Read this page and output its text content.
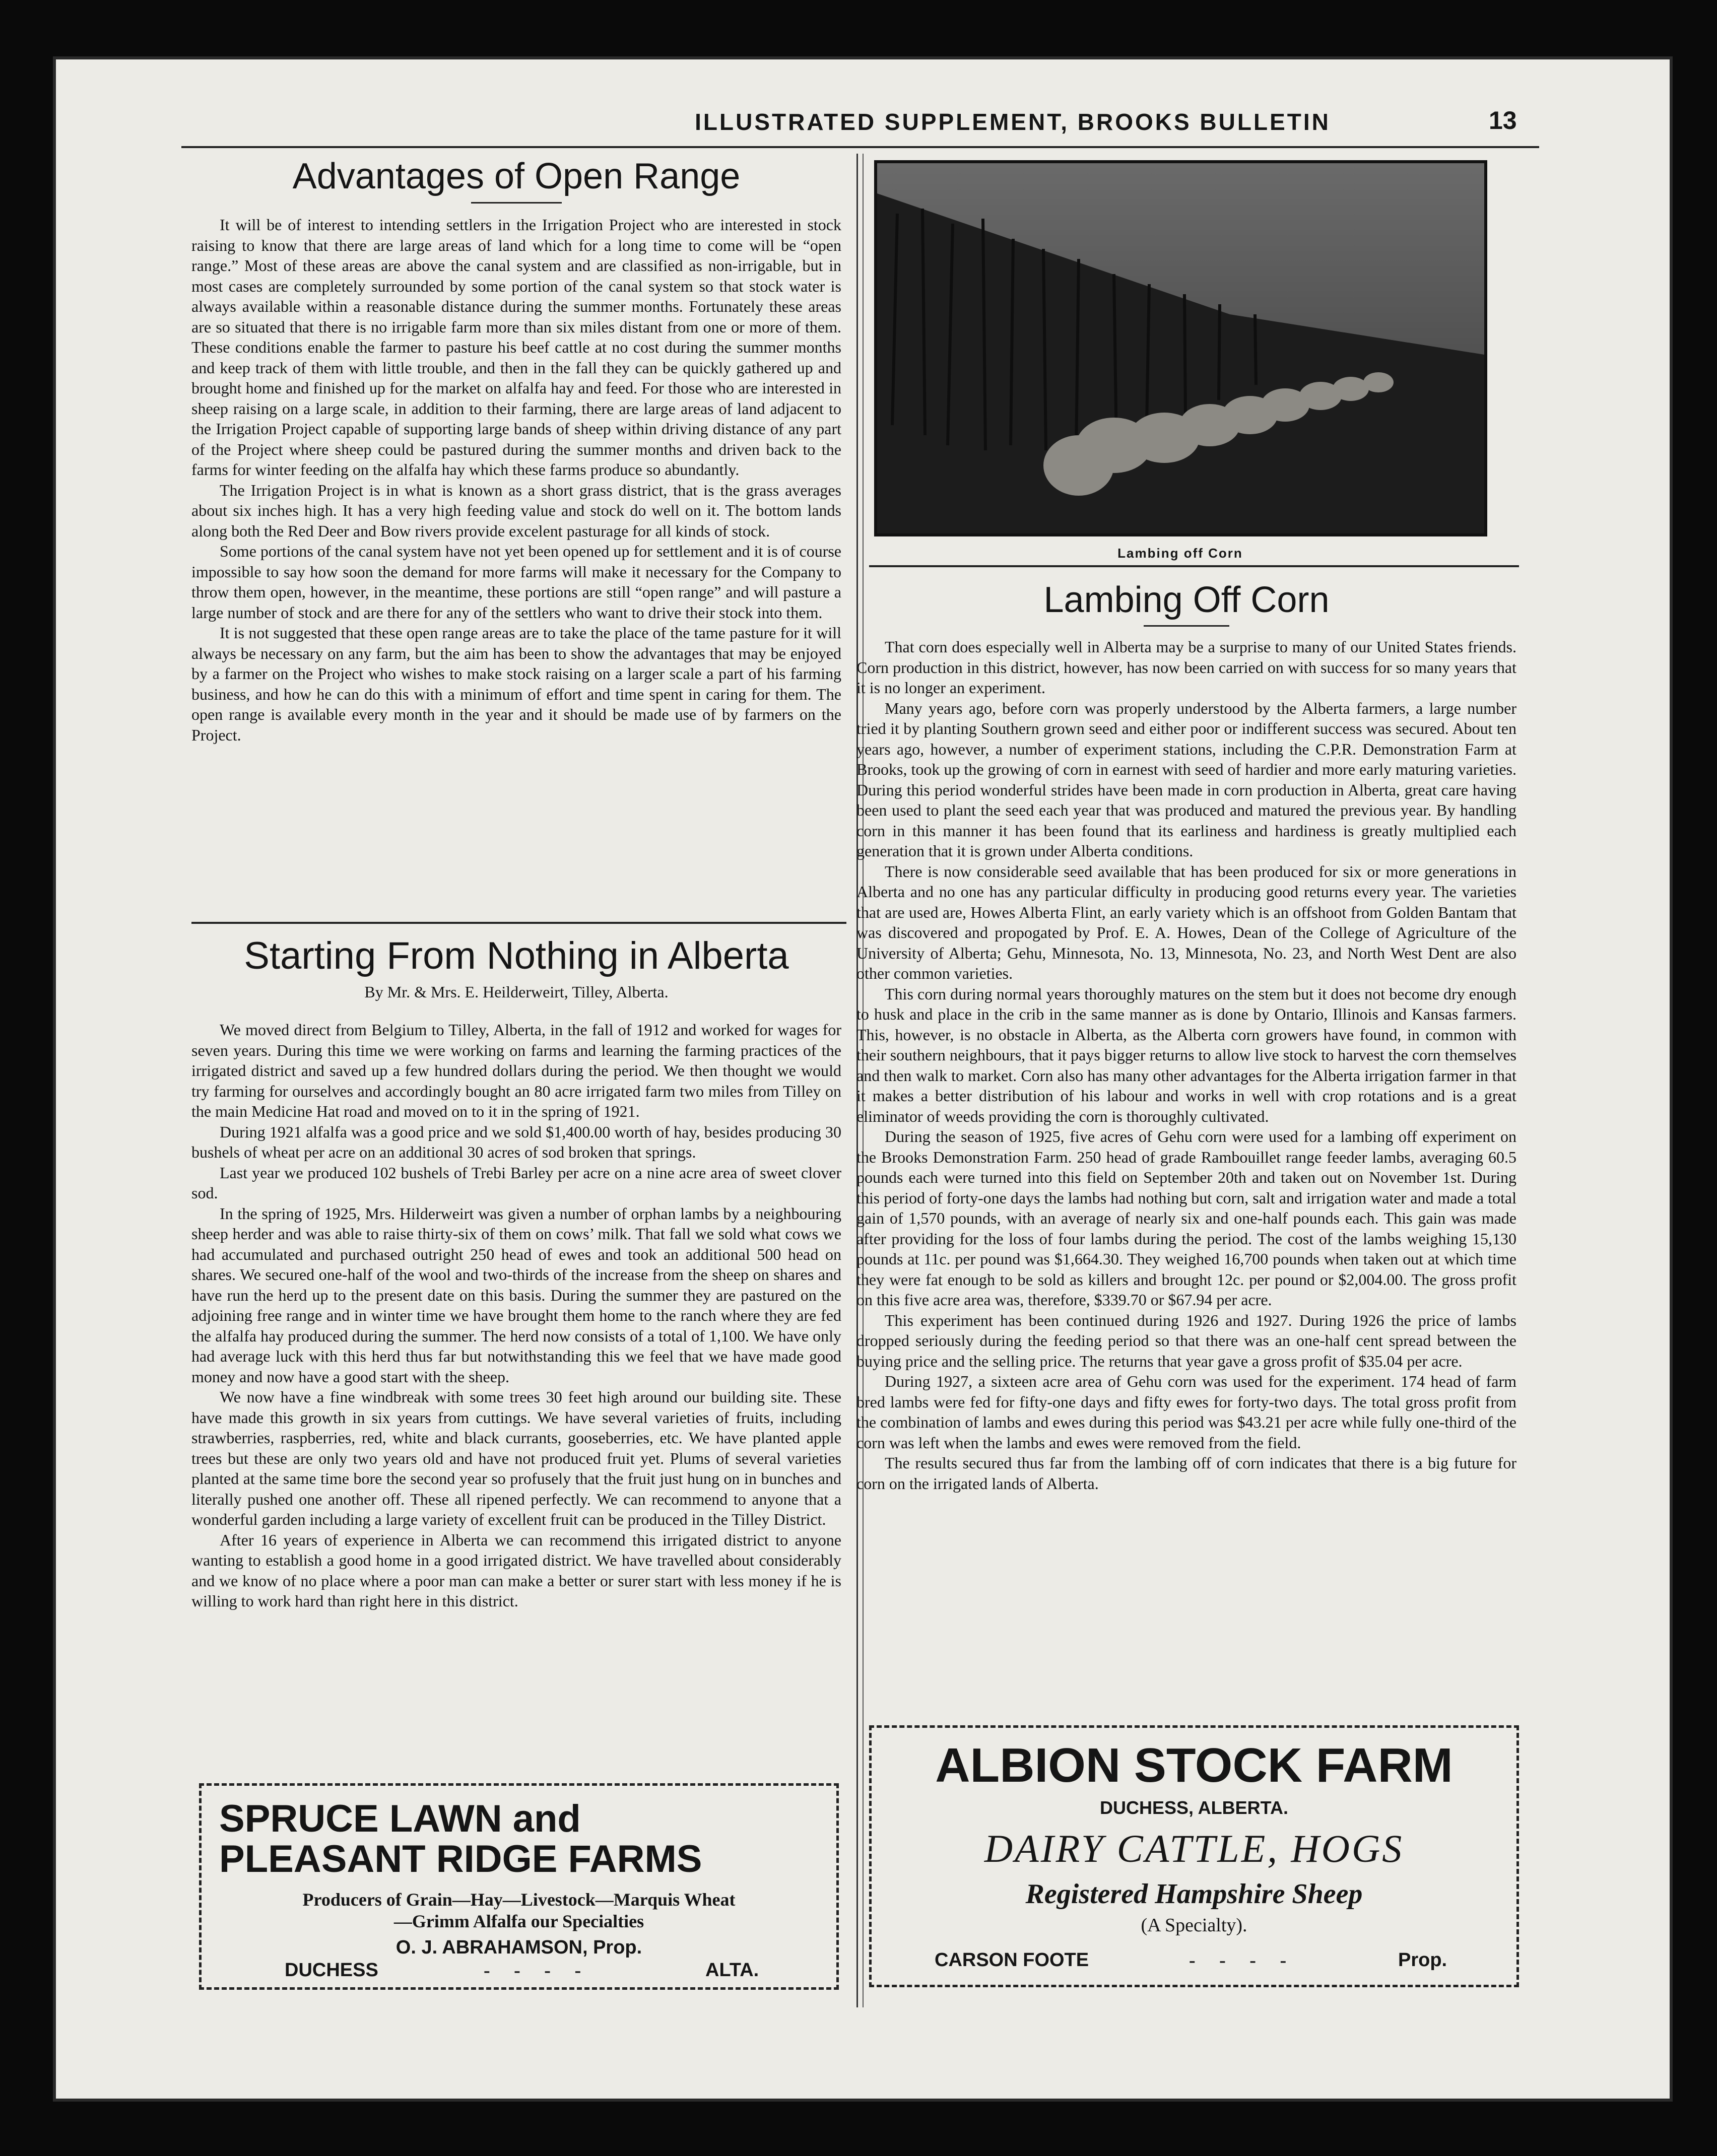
ILLUSTRATED SUPPLEMENT, BROOKS BULLETIN	13
Advantages of Open Range

It will be of interest to intending settlers in the Irrigation Project who are interested in stock raising to know that there are large areas of land which for a long time to come will be “open range.” Most of these areas are above the canal system and are classified as non-irrigable, but in most cases are completely surrounded by some portion of the canal system so that stock water is always available within a reasonable distance during the summer months. Fortunately these areas are so situated that there is no irrigable farm more than six miles distant from one or more of them. These conditions enable the farmer to pasture his beef cattle at no cost during the summer months and keep track of them with little trouble, and then in the fall they can be quickly gathered up and brought home and finished up for the market on alfalfa hay and feed. For those who are interested in sheep raising on a large scale, in addition to their farming, there are large areas of land adjacent to the Irrigation Project capable of supporting large bands of sheep within driving distance of any part of the Project where sheep could be pastured during the summer months and driven back to the farms for winter feeding on the alfalfa hay which these farms produce so abundantly.

The Irrigation Project is in what is known as a short grass district, that is the grass averages about six inches high. It has a very high feeding value and stock do well on it. The bottom lands along both the Red Deer and Bow rivers provide excelent pasturage for all kinds of stock.

Some portions of the canal system have not yet been opened up for settlement and it is of course impossible to say how soon the demand for more farms will make it necessary for the Company to throw them open, however, in the meantime, these portions are still “open range” and will pasture a large number of stock and are there for any of the settlers who want to drive their stock into them.

It is not suggested that these open range areas are to take the place of the tame pasture for it will always be necessary on any farm, but the aim has been to show the advantages that may be enjoyed by a farmer on the Project who wishes to make stock raising on a larger scale a part of his farming business, and how he can do this with a minimum of effort and time spent in caring for them. The open range is available every month in the year and it should be made use of by farmers on the Project.

Starting From Nothing in Alberta
By Mr. & Mrs. E. Heilderweirt, Tilley, Alberta.

We moved direct from Belgium to Tilley, Alberta, in the fall of 1912 and worked for wages for seven years. During this time we were working on farms and learning the farming practices of the irrigated district and saved up a few hundred dollars during the period. We then thought we would try farming for ourselves and accordingly bought an 80 acre irrigated farm two miles from Tilley on the main Medicine Hat road and moved on to it in the spring of 1921.

During 1921 alfalfa was a good price and we sold $1,400.00 worth of hay, besides producing 30 bushels of wheat per acre on an additional 30 acres of sod broken that springs.

Last year we produced 102 bushels of Trebi Barley per acre on a nine acre area of sweet clover sod.

In the spring of 1925, Mrs. Hilderweirt was given a number of orphan lambs by a neighbouring sheep herder and was able to raise thirty-six of them on cows’ milk. That fall we sold what cows we had accumulated and purchased outright 250 head of ewes and took an additional 500 head on shares. We secured one-half of the wool and two-thirds of the increase from the sheep on shares and have run the herd up to the present date on this basis. During the summer they are pastured on the adjoining free range and in winter time we have brought them home to the ranch where they are fed the alfalfa hay produced during the summer. The herd now consists of a total of 1,100. We have only had average luck with this herd thus far but notwithstanding this we feel that we have made good money and now have a good start with the sheep.

We now have a fine windbreak with some trees 30 feet high around our building site. These have made this growth in six years from cuttings. We have several varieties of fruits, including strawberries, raspberries, red, white and black currants, gooseberries, etc. We have planted apple trees but these are only two years old and have not produced fruit yet. Plums of several varieties planted at the same time bore the second year so profusely that the fruit just hung on in bunches and literally pushed one another off. These all ripened perfectly. We can recommend to anyone that a wonderful garden including a large variety of excellent fruit can be produced in the Tilley District.

After 16 years of experience in Alberta we can recommend this irrigated district to anyone wanting to establish a good home in a good irrigated district. We have travelled about considerably and we know of no place where a poor man can make a better or surer start with less money if he is willing to work hard than right here in this district.

SPRUCE LAWN and
PLEASANT RIDGE FARMS
Producers of Grain—Hay—Livestock—Marquis Wheat
—Grimm Alfalfa our Specialties
O. J. ABRAHAMSON, Prop.
DUCHESS	-     -     -     -	ALTA.
Lambing off Corn
Lambing Off Corn

That corn does especially well in Alberta may be a surprise to many of our United States friends. Corn production in this district, however, has now been carried on with success for so many years that it is no longer an experiment.

Many years ago, before corn was properly understood by the Alberta farmers, a large number tried it by planting Southern grown seed and either poor or indifferent success was secured. About ten years ago, however, a number of experiment stations, including the C.P.R. Demonstration Farm at Brooks, took up the growing of corn in earnest with seed of hardier and more early maturing varieties. During this period wonderful strides have been made in corn production in Alberta, great care having been used to plant the seed each year that was produced and matured the previous year. By handling corn in this manner it has been found that its earliness and hardiness is greatly multiplied each generation that it is grown under Alberta conditions.

There is now considerable seed available that has been produced for six or more generations in Alberta and no one has any particular difficulty in producing good returns every year. The varieties that are used are, Howes Alberta Flint, an early variety which is an offshoot from Golden Bantam that was discovered and propogated by Prof. E. A. Howes, Dean of the College of Agriculture of the University of Alberta; Gehu, Minnesota, No. 13, Minnesota, No. 23, and North West Dent are also other common varieties.

This corn during normal years thoroughly matures on the stem but it does not become dry enough to husk and place in the crib in the same manner as is done by Ontario, Illinois and Kansas farmers. This, however, is no obstacle in Alberta, as the Alberta corn growers have found, in common with their southern neighbours, that it pays bigger returns to allow live stock to harvest the corn themselves and then walk to market. Corn also has many other advantages for the Alberta irrigation farmer in that it makes a better distribution of his labour and works in well with crop rotations and is a great eliminator of weeds providing the corn is thoroughly cultivated.

During the season of 1925, five acres of Gehu corn were used for a lambing off experiment on the Brooks Demonstration Farm. 250 head of grade Rambouillet range feeder lambs, averaging 60.5 pounds each were turned into this field on September 20th and taken out on November 1st. During this period of forty-one days the lambs had nothing but corn, salt and irrigation water and made a total gain of 1,570 pounds, with an average of nearly six and one-half pounds each. This gain was made after providing for the loss of four lambs during the period. The cost of the lambs weighing 15,130 pounds at 11c. per pound was $1,664.30. They weighed 16,700 pounds when taken out at which time they were fat enough to be sold as killers and brought 12c. per pound or $2,004.00. The gross profit on this five acre area was, therefore, $339.70 or $67.94 per acre.

This experiment has been continued during 1926 and 1927. During 1926 the price of lambs dropped seriously during the feeding period so that there was an one-half cent spread between the buying price and the selling price. The returns that year gave a gross profit of $35.04 per acre.

During 1927, a sixteen acre area of Gehu corn was used for the experiment. 174 head of farm bred lambs were fed for fifty-one days and fifty ewes for forty-two days. The total gross profit from the combination of lambs and ewes during this period was $43.21 per acre while fully one-third of the corn was left when the lambs and ewes were removed from the field.

The results secured thus far from the lambing off of corn indicates that there is a big future for corn on the irrigated lands of Alberta.

ALBION STOCK FARM
DUCHESS, ALBERTA.
DAIRY CATTLE, HOGS
Registered Hampshire Sheep
(A Specialty).
CARSON FOOTE	-     -     -     -	Prop.
